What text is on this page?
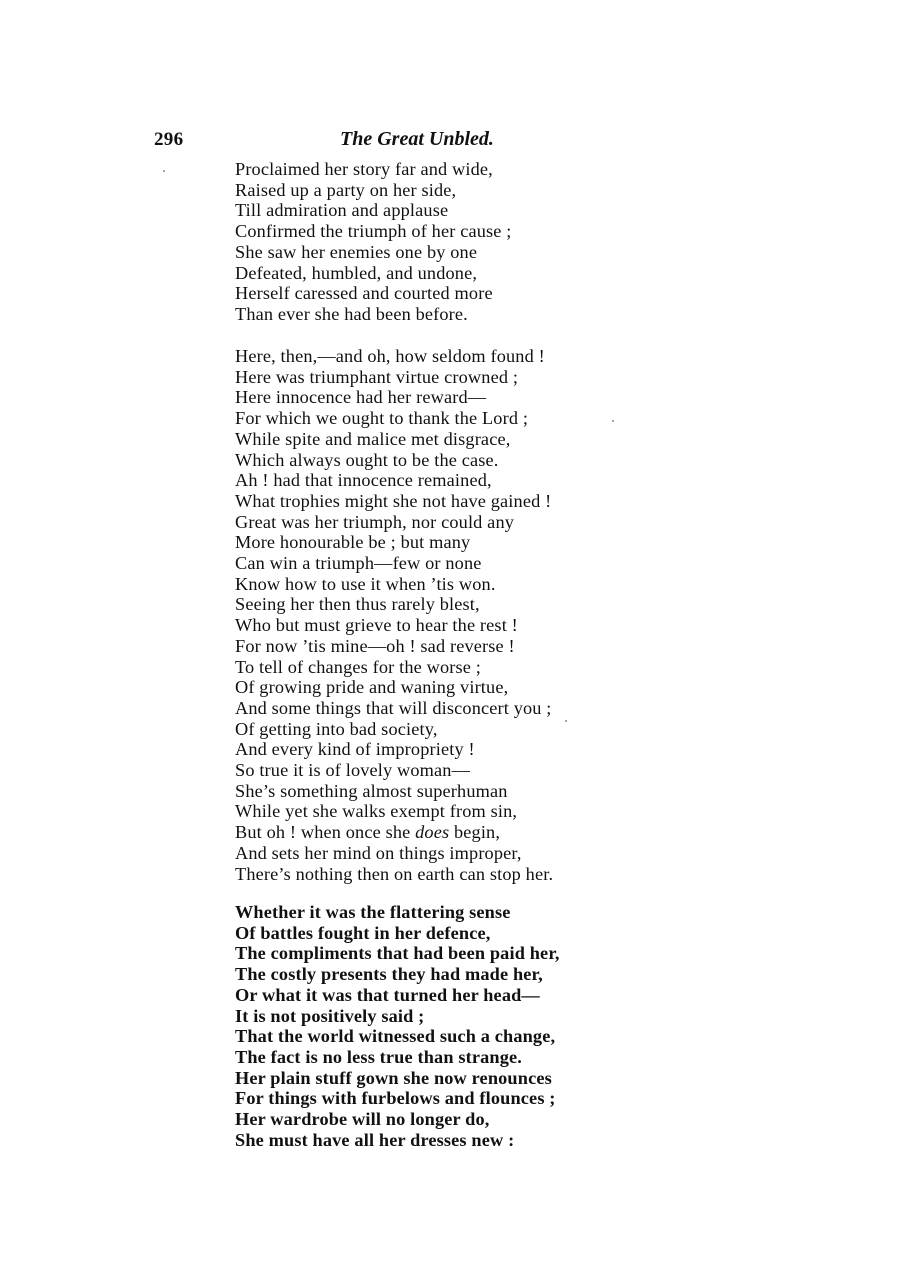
296	The Great Unbled.
Proclaimed her story far and wide,
Raised up a party on her side,
Till admiration and applause
Confirmed the triumph of her cause ;
She saw her enemies one by one
Defeated, humbled, and undone,
Herself caressed and courted more
Than ever she had been before.
Here, then,—and oh, how seldom found !
Here was triumphant virtue crowned ;
Here innocence had her reward—
For which we ought to thank the Lord ;
While spite and malice met disgrace,
Which always ought to be the case.
Ah ! had that innocence remained,
What trophies might she not have gained !
Great was her triumph, nor could any
More honourable be ; but many
Can win a triumph—few or none
Know how to use it when ’tis won.
Seeing her then thus rarely blest,
Who but must grieve to hear the rest !
For now ’tis mine—oh ! sad reverse !
To tell of changes for the worse ;
Of growing pride and waning virtue,
And some things that will disconcert you ;
Of getting into bad society,
And every kind of impropriety !
So true it is of lovely woman—
She’s something almost superhuman
While yet she walks exempt from sin,
But oh ! when once she does begin,
And sets her mind on things improper,
There’s nothing then on earth can stop her.
Whether it was the flattering sense
Of battles fought in her defence,
The compliments that had been paid her,
The costly presents they had made her,
Or what it was that turned her head—
It is not positively said ;
That the world witnessed such a change,
The fact is no less true than strange.
Her plain stuff gown she now renounces
For things with furbelows and flounces ;
Her wardrobe will no longer do,
She must have all her dresses new :
